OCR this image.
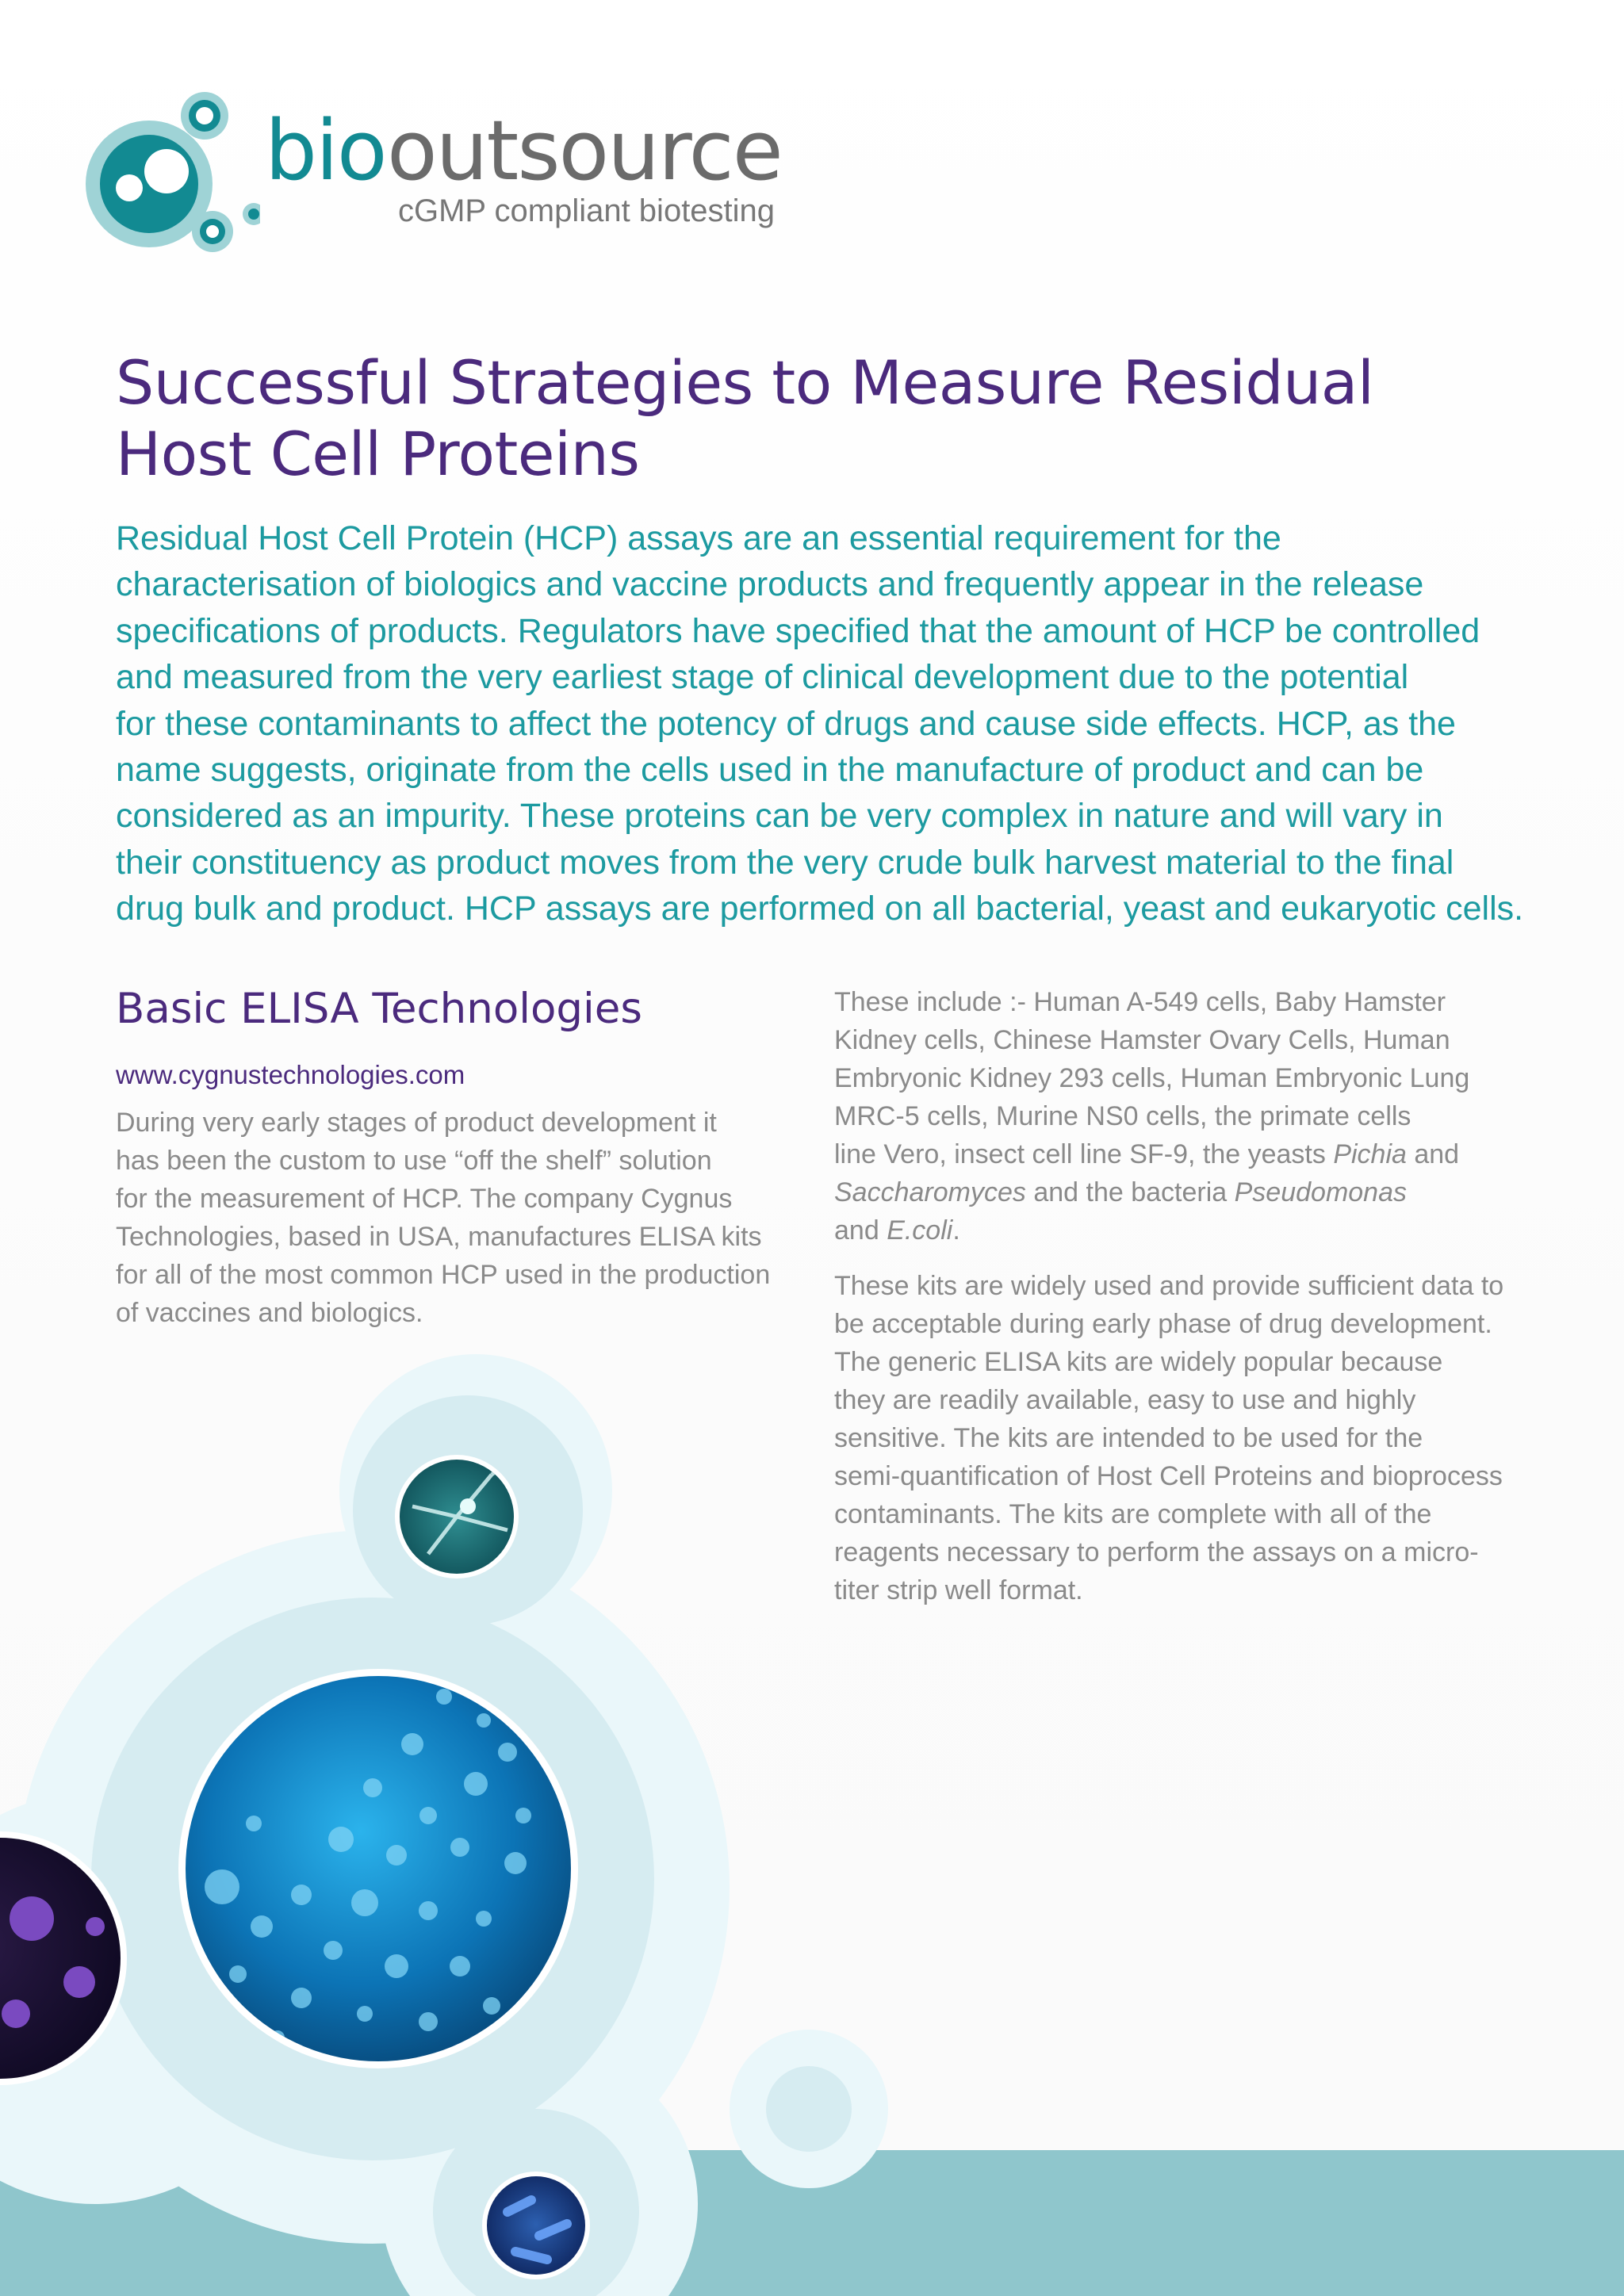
bio outsource
cGMP compliant biotesting
Successful Strategies to Measure Residual
Host Cell Proteins

Residual Host Cell Protein (HCP) assays are an essential requirement for the
characterisation of biologics and vaccine products and frequently appear in the release
specifications of products. Regulators have specified that the amount of HCP be controlled
and measured from the very earliest stage of clinical development due to the potential
for these contaminants to affect the potency of drugs and cause side effects. HCP, as the
name suggests, originate from the cells used in the manufacture of product and can be
considered as an impurity. These proteins can be very complex in nature and will vary in
their constituency as product moves from the very crude bulk harvest material to the final
drug bulk and product. HCP assays are performed on all bacterial, yeast and eukaryotic cells.

Basic ELISA Technologies
www.cygnustechnologies.com

During very early stages of product development it
has been the custom to use “off the shelf” solution
for the measurement of HCP. The company Cygnus
Technologies, based in USA, manufactures ELISA kits
for all of the most common HCP used in the production
of vaccines and biologics.

These include :- Human A-549 cells, Baby Hamster
Kidney cells, Chinese Hamster Ovary Cells, Human
Embryonic Kidney 293 cells, Human Embryonic Lung
MRC-5 cells, Murine NS0 cells, the primate cells
line Vero, insect cell line SF-9, the yeasts Pichia and
Saccharomyces and the bacteria Pseudomonas
and E.coli.

These kits are widely used and provide sufficient data to
be acceptable during early phase of drug development.
The generic ELISA kits are widely popular because
they are readily available, easy to use and highly
sensitive. The kits are intended to be used for the
semi-quantification of Host Cell Proteins and bioprocess
contaminants. The kits are complete with all of the
reagents necessary to perform the assays on a micro-
titer strip well format.
